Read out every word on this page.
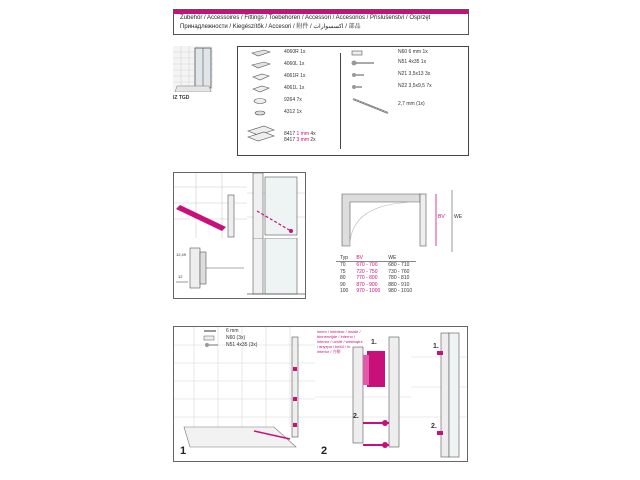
Zubehör / Accessoires / Fittings / Toebehoren / Accessori / Accesorios / Příslušenství / Osprzęt
Принадлежности / Kiegészítők / Accesori / 附件 / اكسسوارات / 部品
IZ TGD
4060R 1x
4060L 1x
4061R 1x
4061L 1x
9264 7x
4312 1x
8417 1 mm 4x
8417 3 mm 2x
N60 6 mm 1x
N51 4x35 1x
N21 3,5x13 3x
N22 3,5x9,5 7x
2,7 mm (1x)
12,49
12
BV WE
Typ	BV	WE
70	670 - 700	680 - 710
75	720 - 750	730 - 760
80	770 - 800	780 - 810
90	870 - 900	880 - 910
100	970 - 1000	980 - 1010
6 mm
N60 (3x)
N51 4x35 (3x)
1
innen / intérieur / inside / binnenzijde / interno / interior / uvnitř / wewnątrz / внутри / belül / în interior / 内侧
1.
2.
2
1.
2.
